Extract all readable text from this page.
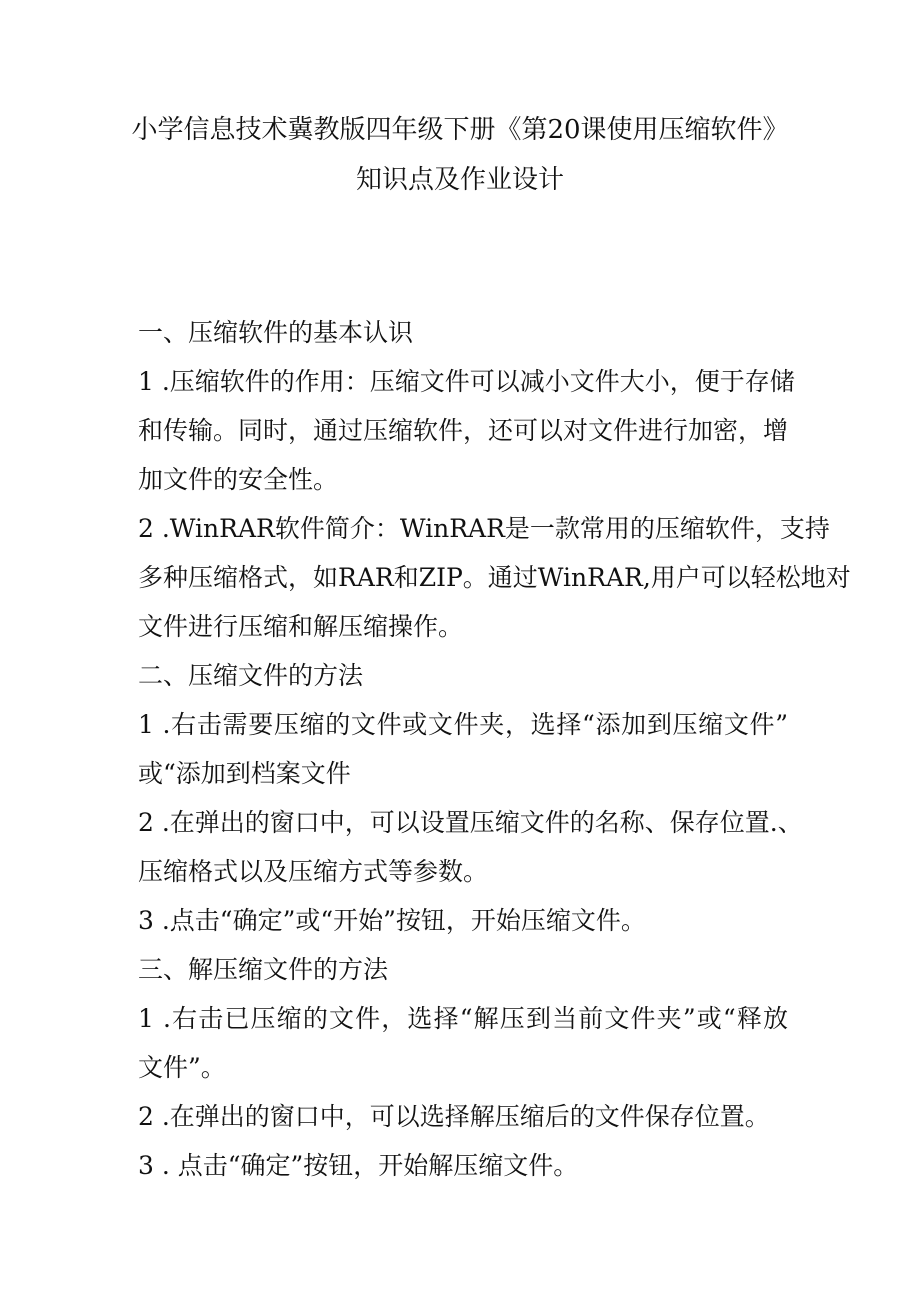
小学信息技术冀教版四年级下册《第20课使用压缩软件》
知识点及作业设计
一、压缩软件的基本认识
1 .压缩软件的作用：压缩文件可以减小文件大小，便于存储
和传输。同时，通过压缩软件，还可以对文件进行加密，增
加文件的安全性。
2 .WinRAR软件简介：WinRAR是一款常用的压缩软件，支持
多种压缩格式，如RAR和ZIP。通过WinRAR,用户可以轻松地对
文件进行压缩和解压缩操作。
二、压缩文件的方法
1 .右击需要压缩的文件或文件夹，选择“添加到压缩文件”
或“添加到档案文件
2 .在弹出的窗口中，可以设置压缩文件的名称、保存位置.、
压缩格式以及压缩方式等参数。
3 .点击“确定”或“开始”按钮，开始压缩文件。
三、解压缩文件的方法
1 .右击已压缩的文件，选择“解压到当前文件夹”或“释放
文件”。
2 .在弹出的窗口中，可以选择解压缩后的文件保存位置。
3 . 点击“确定”按钮，开始解压缩文件。
